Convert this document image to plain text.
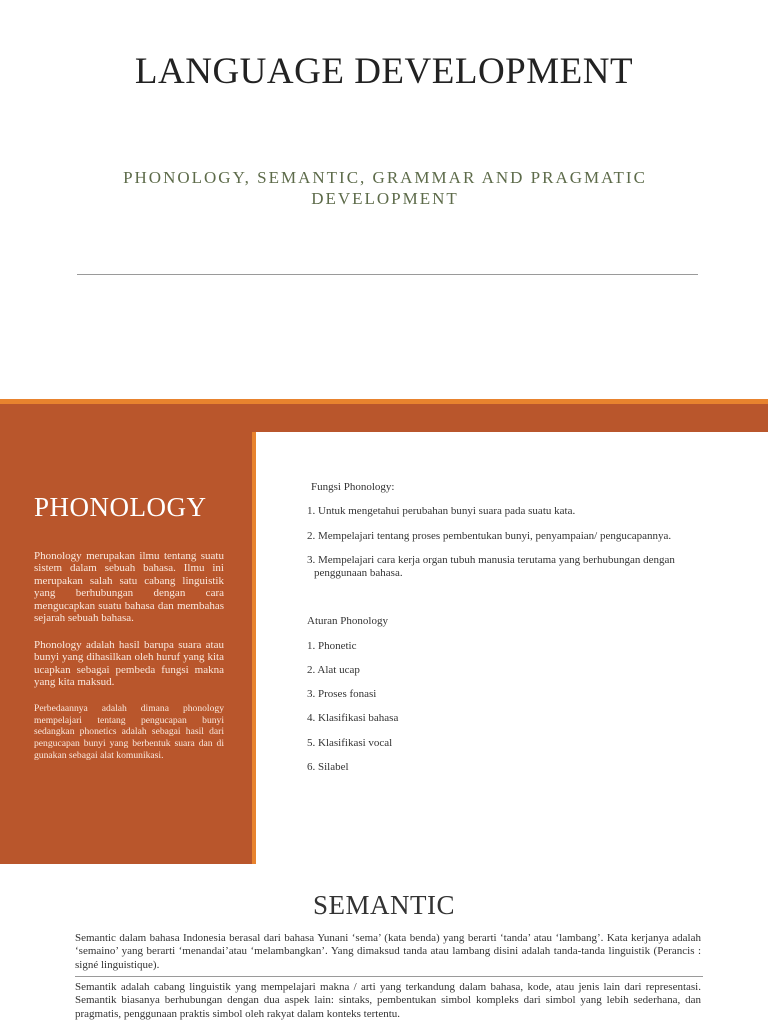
LANGUAGE DEVELOPMENT
PHONOLOGY, SEMANTIC, GRAMMAR AND PRAGMATIC DEVELOPMENT
PHONOLOGY

Phonology merupakan ilmu tentang suatu sistem dalam sebuah bahasa. Ilmu ini merupakan salah satu cabang linguistik yang berhubungan dengan cara mengucapkan suatu bahasa dan membahas sejarah sebuah bahasa.

Phonology adalah hasil barupa suara atau bunyi yang dihasilkan oleh huruf yang kita ucapkan sebagai pembeda fungsi makna yang kita maksud.

Perbedaannya adalah dimana phonology mempelajari tentang pengucapan bunyi sedangkan phonetics adalah sebagai hasil dari pengucapan bunyi yang berbentuk suara dan di gunakan sebagai alat komunikasi.

Fungsi Phonology:

1. Untuk mengetahui perubahan bunyi suara pada suatu kata.

2. Mempelajari tentang proses pembentukan bunyi, penyampaian/ pengucapannya.

3. Mempelajari cara kerja organ tubuh manusia terutama yang berhubungan dengan penggunaan bahasa.

Aturan Phonology

1. Phonetic

2. Alat ucap

3. Proses fonasi

4. Klasifikasi bahasa

5. Klasifikasi vocal

6. Silabel

SEMANTIC

Semantic dalam bahasa Indonesia berasal dari bahasa Yunani ‘sema’ (kata benda) yang berarti ‘tanda’ atau ‘lambang’. Kata kerjanya adalah ‘semaino’ yang berarti ‘menandai’atau ‘melambangkan’. Yang dimaksud tanda atau lambang disini adalah tanda-tanda linguistik (Perancis : signé linguistique).

Semantik adalah cabang linguistik yang mempelajari makna / arti yang terkandung dalam bahasa, kode, atau jenis lain dari representasi. Semantik biasanya berhubungan dengan dua aspek lain: sintaks, pembentukan simbol kompleks dari simbol yang lebih sederhana, dan pragmatis, penggunaan praktis simbol oleh rakyat dalam konteks tertentu.
